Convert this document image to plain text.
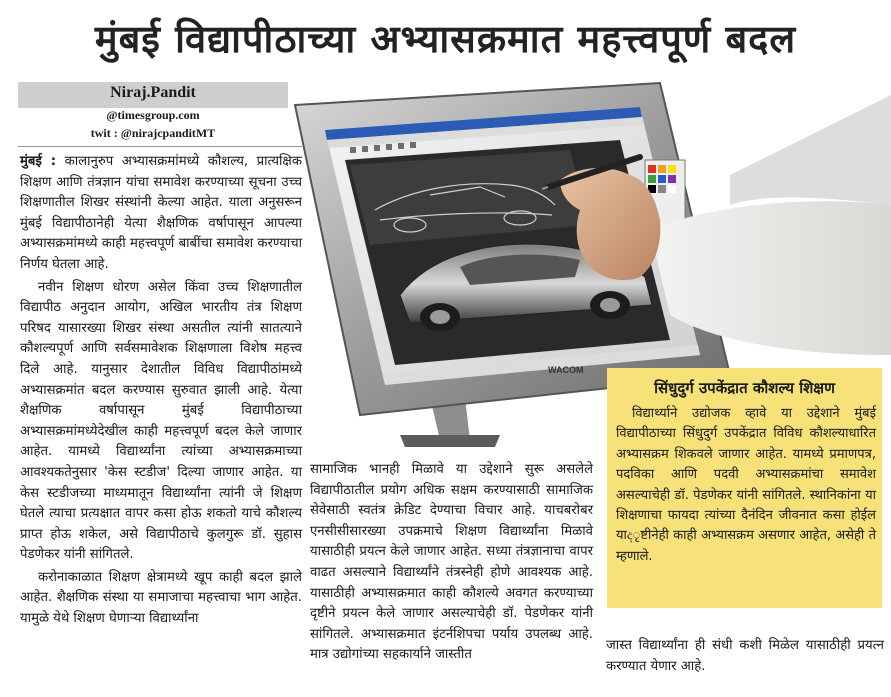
मुंबई विद्यापीठाच्या अभ्यासक्रमात महत्त्वपूर्ण बदल
Niraj.Pandit
@timesgroup.com
twit : @nirajcpanditMT
WACOM

मुंबई : कालानुरुप अभ्यासक्रमांमध्ये कौशल्य, प्रात्यक्षिक शिक्षण आणि तंत्रज्ञान यांचा समावेश करण्याच्या सूचना उच्च शिक्षणातील शिखर संस्थांनी केल्या आहेत. याला अनुसरून मुंबई विद्यापीठानेही येत्या शैक्षणिक वर्षापासून आपल्या अभ्यासक्रमांमध्ये काही महत्त्वपूर्ण बाबींचा समावेश करण्याचा निर्णय घेतला आहे.

नवीन शिक्षण धोरण असेल किंवा उच्च शिक्षणातील विद्यापीठ अनुदान आयोग, अखिल भारतीय तंत्र शिक्षण परिषद यासारख्या शिखर संस्था असतील त्यांनी सातत्याने कौशल्यपूर्ण आणि सर्वसमावेशक शिक्षणाला विशेष महत्त्व दिले आहे. यानुसार देशातील विविध विद्यापीठांमध्ये अभ्यासक्रमांत बदल करण्यास सुरुवात झाली आहे. येत्या शैक्षणिक वर्षापासून मुंबई विद्यापीठाच्या अभ्यासक्रमांमध्येदेखील काही महत्त्वपूर्ण बदल केले जाणार आहेत. यामध्ये विद्यार्थ्यांना त्यांच्या अभ्यासक्रमाच्या आवश्यकतेनुसार 'केस स्टडीज' दिल्या जाणार आहेत. या केस स्टडीजच्या माध्यमातून विद्यार्थ्यांना त्यांनी जे शिक्षण घेतले त्याचा प्रत्यक्षात वापर कसा होऊ शकतो याचे कौशल्य प्राप्त होऊ शकेल, असे विद्यापीठाचे कुलगुरू डॉ. सुहास पेडणेकर यांनी सांगितले.

करोनाकाळात शिक्षण क्षेत्रामध्ये खूप काही बदल झाले आहेत. शैक्षणिक संस्था या समाजाचा महत्त्वाचा भाग आहेत. यामुळे येथे शिक्षण घेणाऱ्या विद्यार्थ्यांना

सामाजिक भानही मिळावे या उद्देशाने सुरू असलेले विद्यापीठातील प्रयोग अधिक सक्षम करण्यासाठी सामाजिक सेवेसाठी स्वतंत्र क्रेडिट देण्याचा विचार आहे. याचबरोबर एनसीसीसारख्या उपक्रमाचे शिक्षण विद्यार्थ्यांना मिळावे यासाठीही प्रयत्न केले जाणार आहेत. सध्या तंत्रज्ञानाचा वापर वाढत असल्याने विद्यार्थ्यांने तंत्रस्नेही होणे आवश्यक आहे. यासाठीही अभ्यासक्रमात काही कौशल्ये अवगत करण्याच्या दृष्टीने प्रयत्न केले जाणार असल्याचेही डॉ. पेडणेकर यांनी सांगितले. अभ्यासक्रमात इंटर्नशिपचा पर्याय उपलब्ध आहे. मात्र उद्योगांच्या सहकार्याने जास्तीत

सिंधुदुर्ग उपकेंद्रात कौशल्य शिक्षण

विद्यार्थ्याने उद्योजक व्हावे या उद्देशाने मुंबई विद्यापीठाच्या सिंधुदुर्ग उपकेंद्रात विविध कौशल्याधारित अभ्यासक्रम शिकवले जाणार आहेत. यामध्ये प्रमाणपत्र, पदविका आणि पदवी अभ्यासक्रमांचा समावेश असल्याचेही डॉ. पेडणेकर यांनी सांगितले. स्थानिकांना या शिक्षणाचा फायदा त्यांच्या दैनंदिन जीवनात कसा होईल याදृष्टीनेही काही अभ्यासक्रम असणार आहेत, असेही ते म्हणाले.

जास्त विद्यार्थ्यांना ही संधी कशी मिळेल यासाठीही प्रयत्न करण्यात येणार आहे.
